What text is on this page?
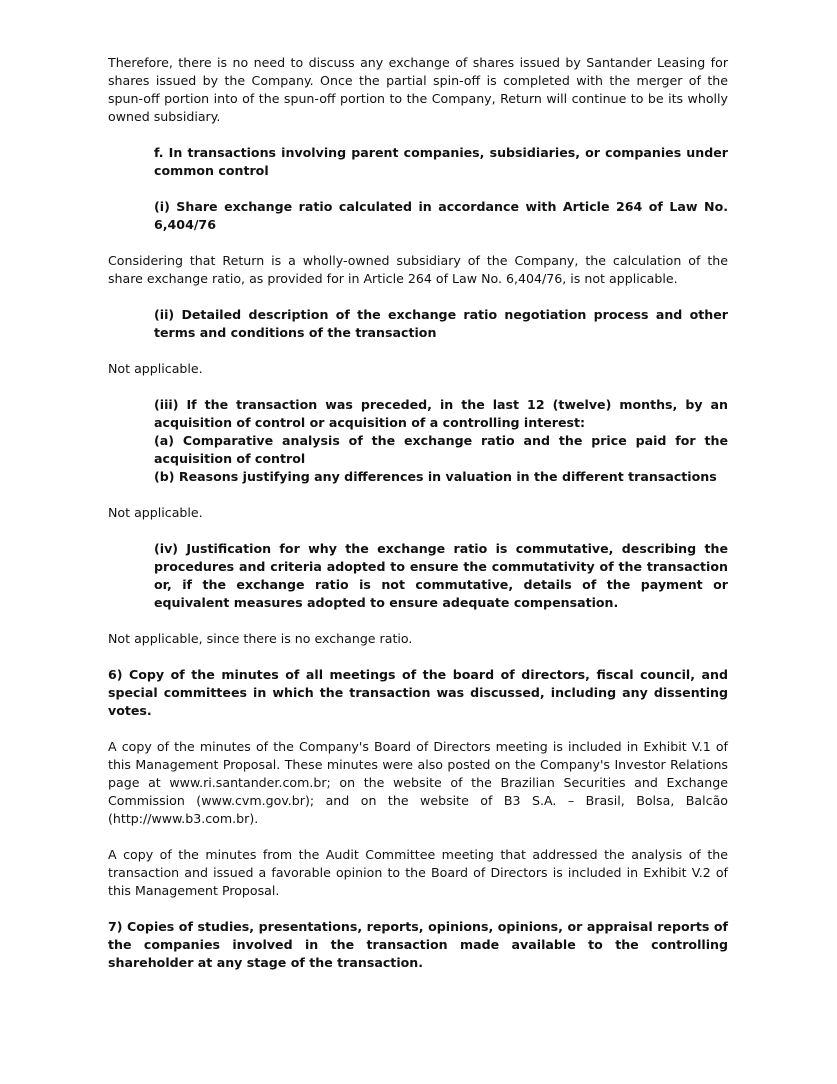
Therefore, there is no need to discuss any exchange of shares issued by Santander Leasing for shares issued by the Company. Once the partial spin-off is completed with the merger of the spun-off portion into of the spun-off portion to the Company, Return will continue to be its wholly owned subsidiary.

f. In transactions involving parent companies, subsidiaries, or companies under common control

(i) Share exchange ratio calculated in accordance with Article 264 of Law No. 6,404/76

Considering that Return is a wholly-owned subsidiary of the Company, the calculation of the share exchange ratio, as provided for in Article 264 of Law No. 6,404/76, is not applicable.

(ii) Detailed description of the exchange ratio negotiation process and other terms and conditions of the transaction

Not applicable.

(iii) If the transaction was preceded, in the last 12 (twelve) months, by an acquisition of control or acquisition of a controlling interest:

(a) Comparative analysis of the exchange ratio and the price paid for the acquisition of control

(b) Reasons justifying any differences in valuation in the different transactions

Not applicable.

(iv) Justification for why the exchange ratio is commutative, describing the procedures and criteria adopted to ensure the commutativity of the transaction or, if the exchange ratio is not commutative, details of the payment or equivalent measures adopted to ensure adequate compensation.

Not applicable, since there is no exchange ratio.

6) Copy of the minutes of all meetings of the board of directors, fiscal council, and special committees in which the transaction was discussed, including any dissenting votes.

A copy of the minutes of the Company's Board of Directors meeting is included in Exhibit V.1 of this Management Proposal. These minutes were also posted on the Company's Investor Relations page at www.ri.santander.com.br; on the website of the Brazilian Securities and Exchange Commission (www.cvm.gov.br); and on the website of B3 S.A. – Brasil, Bolsa, Balcão (http://www.b3.com.br).

A copy of the minutes from the Audit Committee meeting that addressed the analysis of the transaction and issued a favorable opinion to the Board of Directors is included in Exhibit V.2 of this Management Proposal.

7) Copies of studies, presentations, reports, opinions, opinions, or appraisal reports of the companies involved in the transaction made available to the controlling shareholder at any stage of the transaction.
